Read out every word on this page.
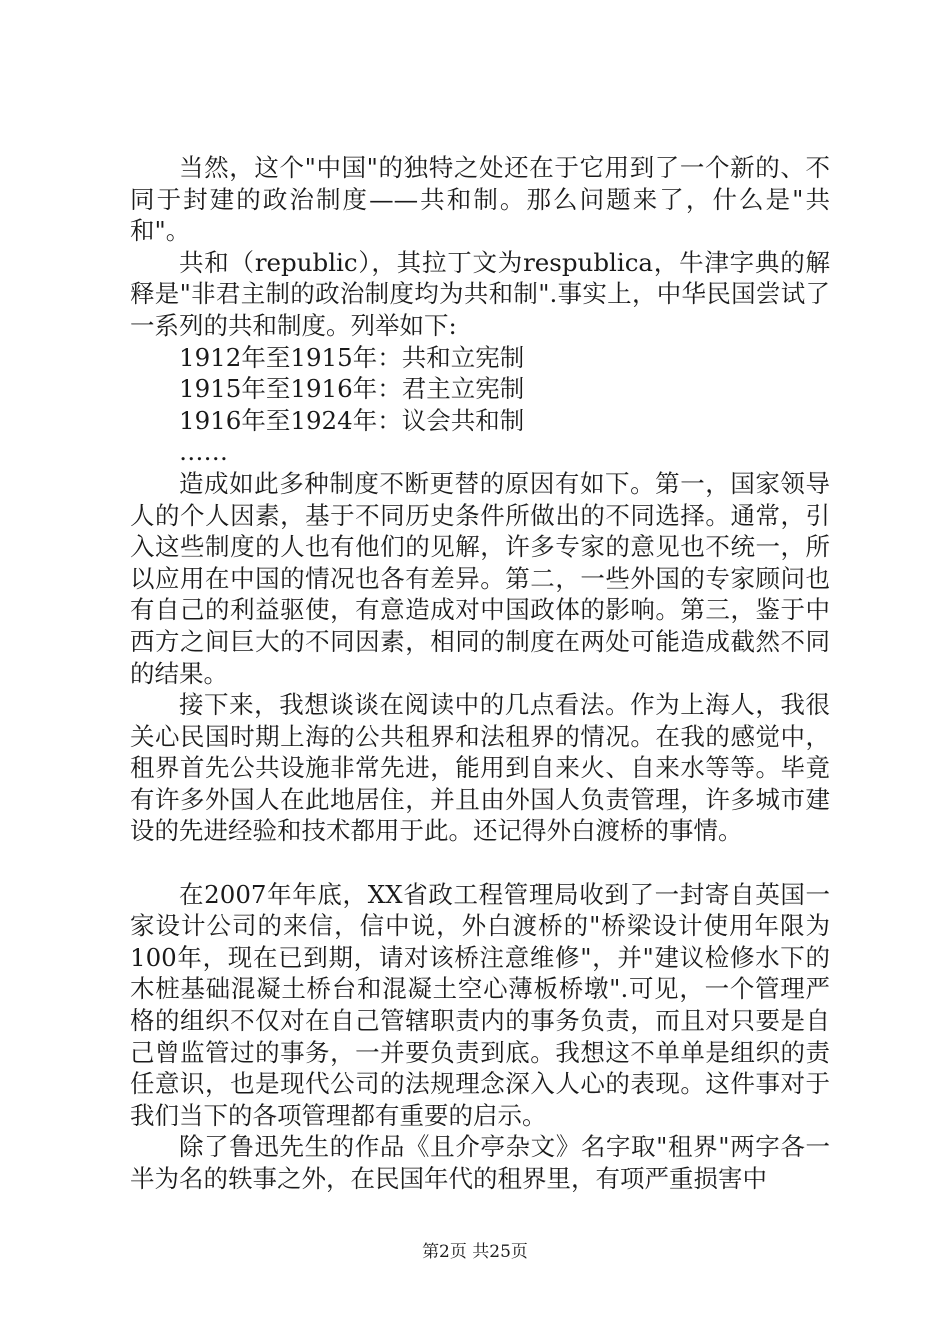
当然，这个"中国"的独特之处还在于它用到了一个新的、不同于封建的政治制度——共和制。那么问题来了，什么是"共和"。

共和（republic），其拉丁文为respublica，牛津字典的解释是"非君主制的政治制度均为共和制".事实上，中华民国尝试了一系列的共和制度。列举如下:

1912年至1915年：共和立宪制

1915年至1916年：君主立宪制

1916年至1924年：议会共和制

……

造成如此多种制度不断更替的原因有如下。第一，国家领导人的个人因素，基于不同历史条件所做出的不同选择。通常，引入这些制度的人也有他们的见解，许多专家的意见也不统一，所以应用在中国的情况也各有差异。第二，一些外国的专家顾问也有自己的利益驱使，有意造成对中国政体的影响。第三，鉴于中西方之间巨大的不同因素，相同的制度在两处可能造成截然不同的结果。

接下来，我想谈谈在阅读中的几点看法。作为上海人，我很关心民国时期上海的公共租界和法租界的情况。在我的感觉中，租界首先公共设施非常先进，能用到自来火、自来水等等。毕竟有许多外国人在此地居住，并且由外国人负责管理，许多城市建设的先进经验和技术都用于此。还记得外白渡桥的事情。

在2007年年底，XX省政工程管理局收到了一封寄自英国一家设计公司的来信，信中说，外白渡桥的"桥梁设计使用年限为100年，现在已到期，请对该桥注意维修"，并"建议检修水下的木桩基础混凝土桥台和混凝土空心薄板桥墩".可见，一个管理严格的组织不仅对在自己管辖职责内的事务负责，而且对只要是自己曾监管过的事务，一并要负责到底。我想这不单单是组织的责任意识，也是现代公司的法规理念深入人心的表现。这件事对于我们当下的各项管理都有重要的启示。

除了鲁迅先生的作品《且介亭杂文》名字取"租界"两字各一半为名的轶事之外，在民国年代的租界里，有项严重损害中

第2页 共25页
